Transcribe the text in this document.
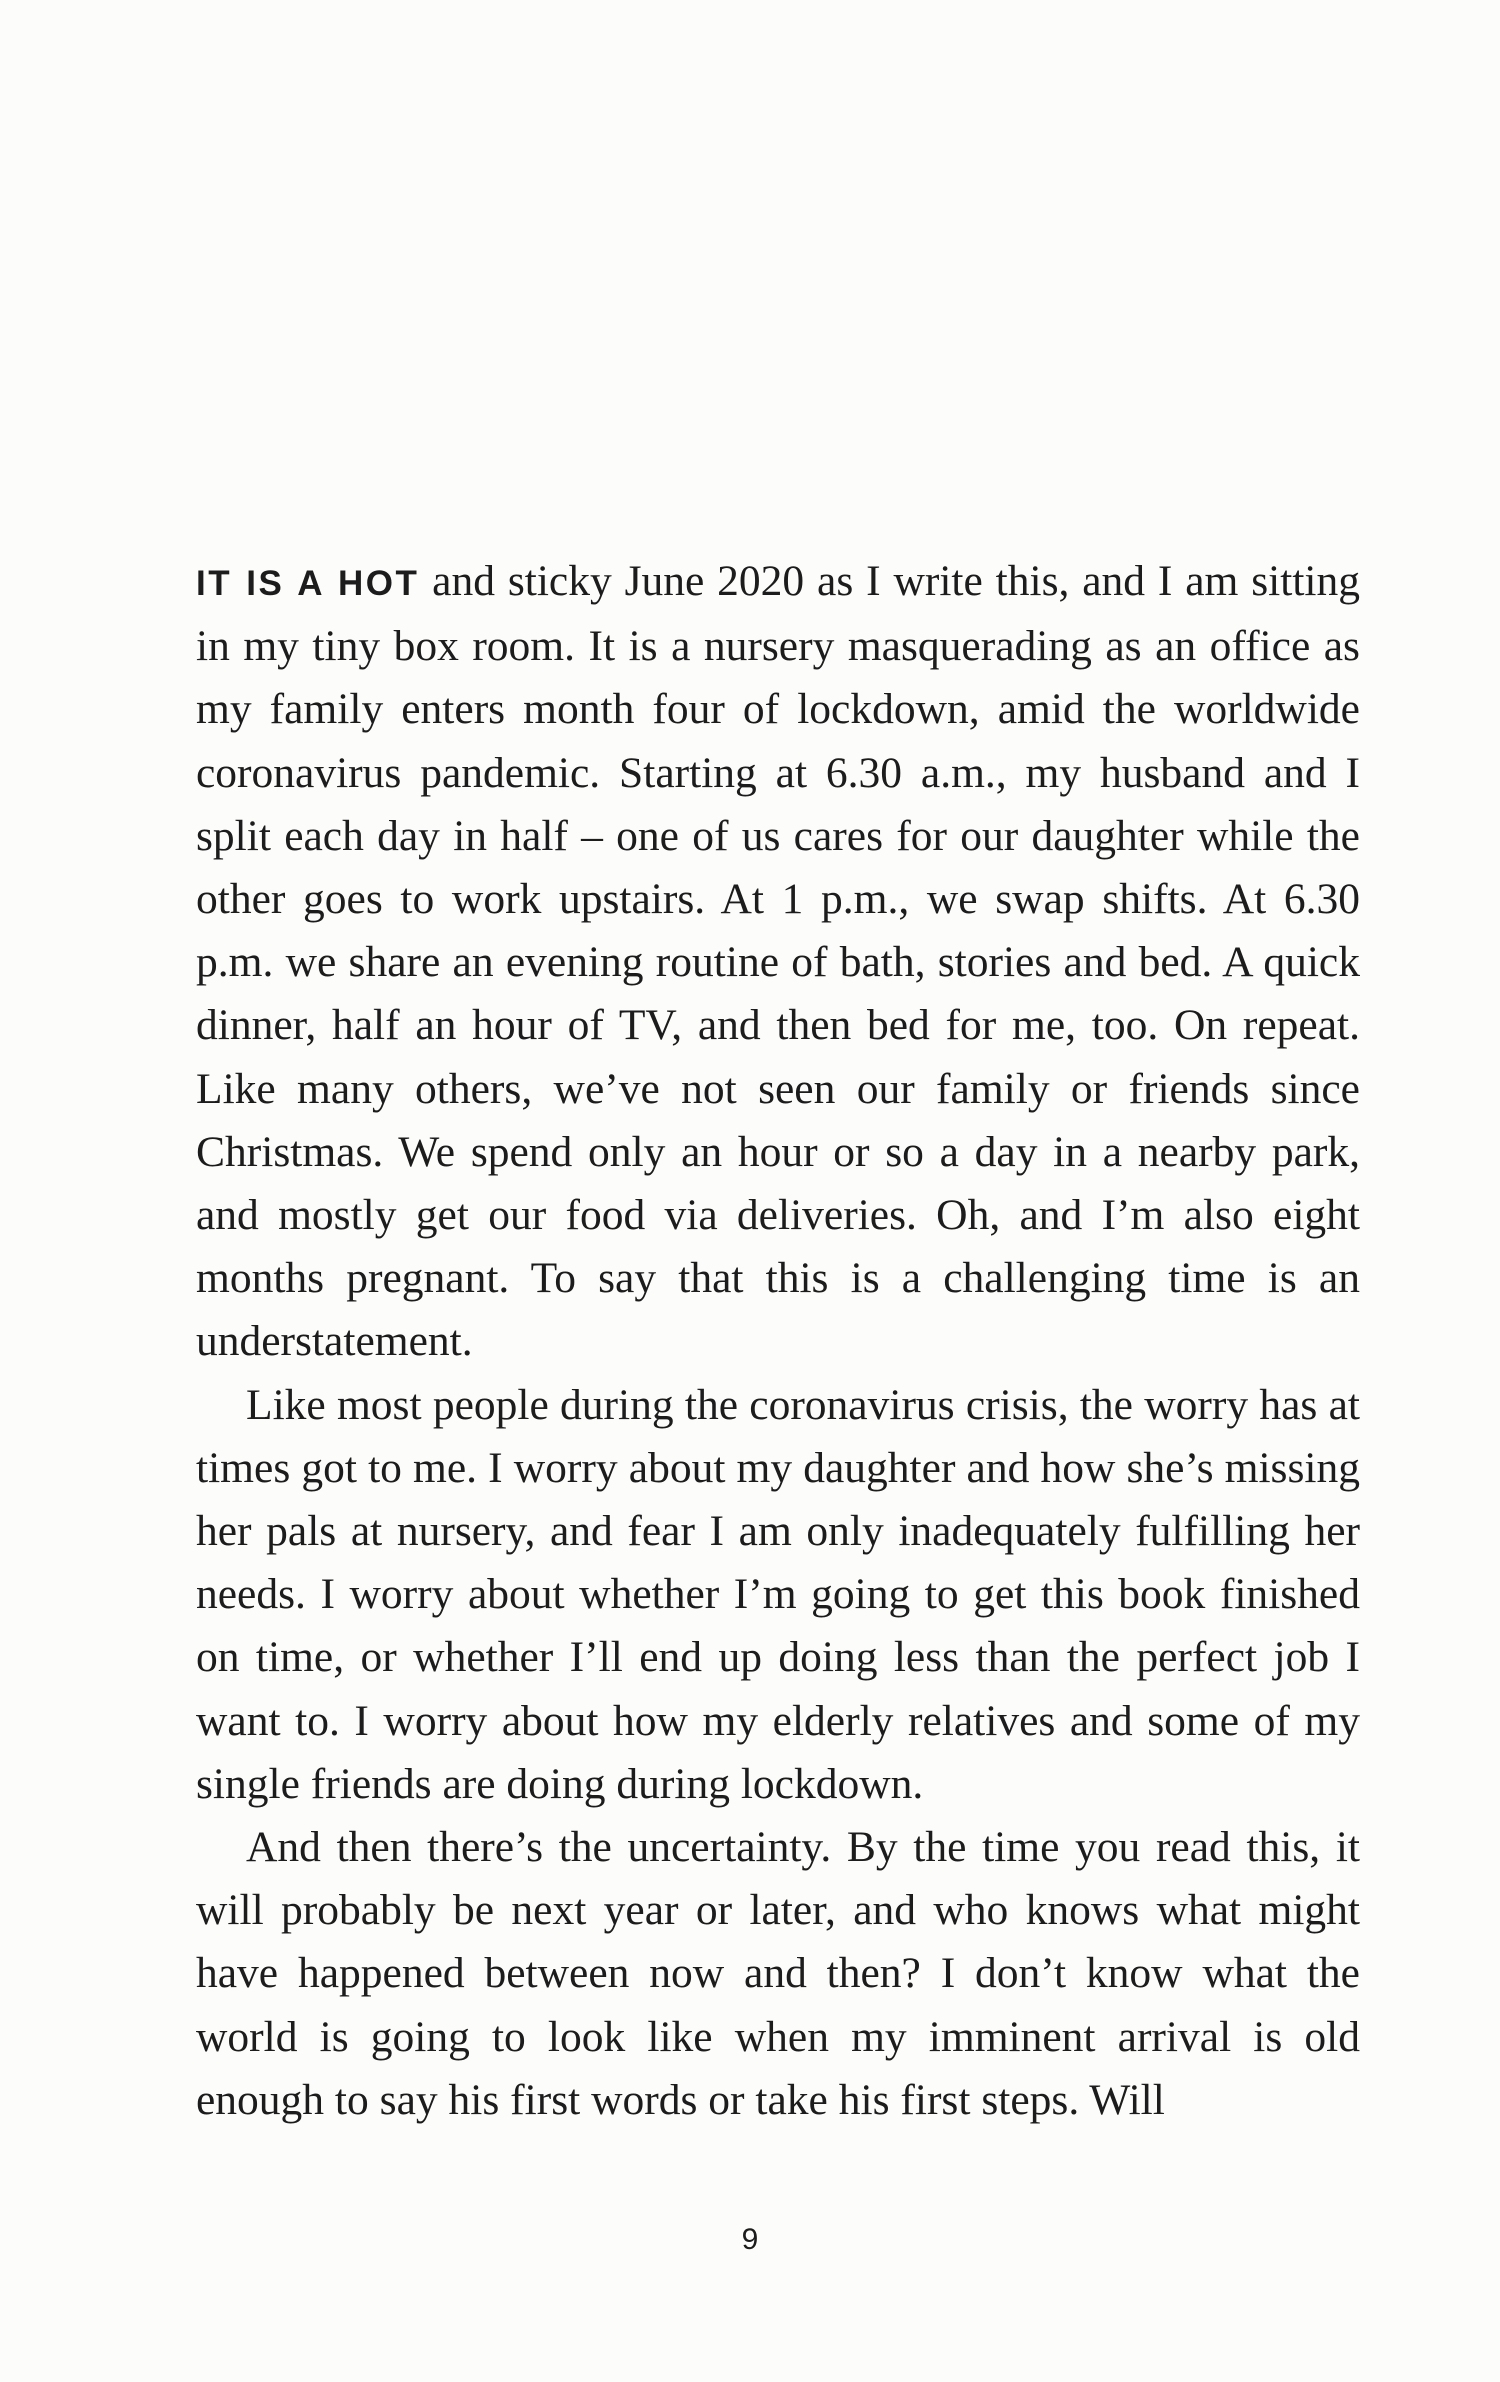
IT IS A HOT and sticky June 2020 as I write this, and I am sitting in my tiny box room. It is a nursery masquerading as an office as my family enters month four of lockdown, amid the worldwide coronavirus pandemic. Starting at 6.30 a.m., my husband and I split each day in half – one of us cares for our daughter while the other goes to work upstairs. At 1 p.m., we swap shifts. At 6.30 p.m. we share an evening routine of bath, stories and bed. A quick dinner, half an hour of TV, and then bed for me, too. On repeat. Like many others, we’ve not seen our family or friends since Christmas. We spend only an hour or so a day in a nearby park, and mostly get our food via deliveries. Oh, and I’m also eight months pregnant. To say that this is a challenging time is an understatement.

Like most people during the coronavirus crisis, the worry has at times got to me. I worry about my daughter and how she’s missing her pals at nursery, and fear I am only inadequately fulfilling her needs. I worry about whether I’m going to get this book finished on time, or whether I’ll end up doing less than the perfect job I want to. I worry about how my elderly relatives and some of my single friends are doing during lockdown.

And then there’s the uncertainty. By the time you read this, it will probably be next year or later, and who knows what might have happened between now and then? I don’t know what the world is going to look like when my imminent arrival is old enough to say his first words or take his first steps. Will

9
